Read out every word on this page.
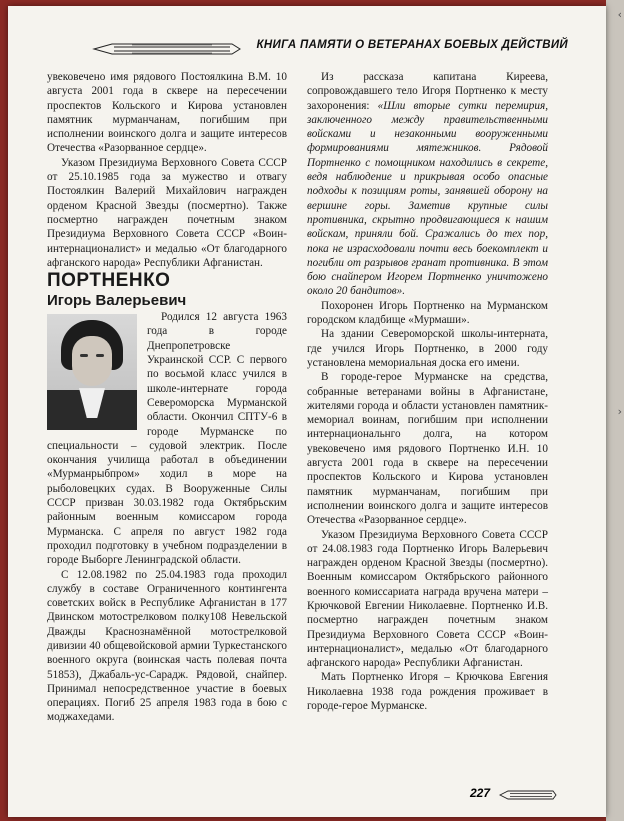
‹
›
КНИГА ПАМЯТИ О ВЕТЕРАНАХ БОЕВЫХ ДЕЙСТВИЙ

увековечено имя рядового Постоялкина В.М. 10 августа 2001 года в сквере на пересечении проспектов Кольского и Кирова установлен памятник мурманчанам, погибшим при исполнении воинского долга и защите интересов Отечества «Разорванное сердце».

Указом Президиума Верховного Совета СССР от 25.10.1985 года за мужество и отвагу Постоялкин Валерий Михайлович награжден орденом Красной Звезды (посмертно). Также посмертно награжден почетным знаком Президиума Верховного Совета СССР «Воин-интернационалист» и медалью «От благодарного афганского народа» Республики Афганистан.

ПОРТНЕНКО

Игорь Валерьевич

Родился 12 августа 1963 года в городе Днепропетровске Украинской ССР. С первого по восьмой класс учился в школе-интернате города Североморска Мурманской области. Окончил СПТУ-6 в городе Мурманске по специальности – судовой электрик. После окончания училища работал в объединении «Мурманрыбпром» ходил в море на рыболовецких судах. В Вооруженные Силы СССР призван 30.03.1982 года Октябрьским районным военным комиссаром города Мурманска. С апреля по август 1982 года проходил подготовку в учебном подразделении в городе Выборге Ленинградской области.

С 12.08.1982 по 25.04.1983 года проходил службу в составе Ограниченного контингента советских войск в Республике Афганистан в 177 Двинском мотострелковом полку108 Невельской Дважды Краснознамённой мотострелковой дивизии 40 общевойсковой армии Туркестанского военного округа (воинская часть полевая почта 51853), Джабаль-ус-Сарадж. Рядовой, снайпер. Принимал непосредственное участие в боевых операциях. Погиб 25 апреля 1983 года в бою с моджахедами.

Из рассказа капитана Киреева, сопровождавшего тело Игоря Портненко к месту захоронения: «Шли вторые сутки перемирия, заключенного между правительственными войсками и незаконными вооруженными формированиями мятежников. Рядовой Портненко с помощником находились в секрете, ведя наблюдение и прикрывая особо опасные подходы к позициям роты, занявшей оборону на вершине горы. Заметив крупные силы противника, скрытно продвигающиеся к нашим войскам, приняли бой. Сражались до тех пор, пока не израсходовали почти весь боекомплект и погибли от разрывов гранат противника. В этом бою снайпером Игорем Портненко уничтожено около 20 бандитов».

Похоронен Игорь Портненко на Мурманском городском кладбище «Мурмаши».

На здании Североморской школы-интерната, где учился Игорь Портненко, в 2000 году установлена мемориальная доска его имени.

В городе-герое Мурманске на средства, собранные ветеранами войны в Афганистане, жителями города и области установлен памятник-мемориал воинам, погибшим при исполнении интернациональнго долга, на котором увековечено имя рядового Портненко И.Н. 10 августа 2001 года в сквере на пересечении проспектов Кольского и Кирова установлен памятник мурманчанам, погибшим при исполнении воинского долга и защите интересов Отечества «Разорванное сердце».

Указом Президиума Верховного Совета СССР от 24.08.1983 года Портненко Игорь Валерьевич награжден орденом Красной Звезды (посмертно). Военным комиссаром Октябрьского районного военного комиссариата награда вручена матери – Крючковой Евгении Николаевне. Портненко И.В. посмертно награжден почетным знаком Президиума Верховного Совета СССР «Воин-интернационалист», медалью «От благодарного афганского народа» Республики Афганистан.

Мать Портненко Игоря – Крючкова Евгения Николаевна 1938 года рождения проживает в городе-герое Мурманске.

227
